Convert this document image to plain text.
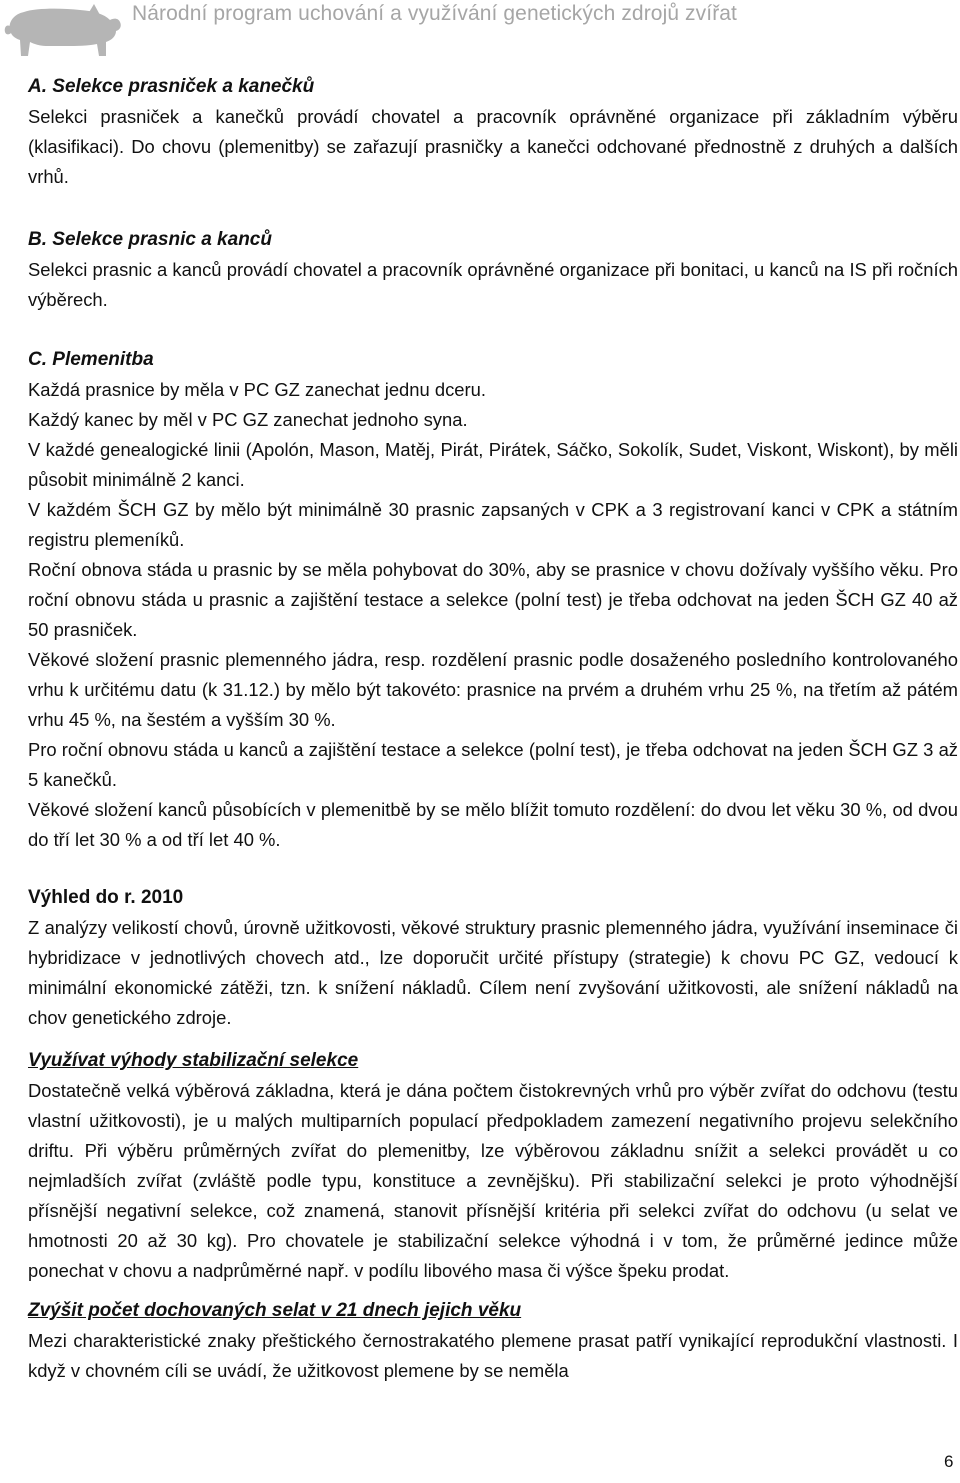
Národní program uchování a využívání genetických zdrojů zvířat

A. Selekce prasniček a kanečků

Selekci prasniček a kanečků provádí chovatel a pracovník oprávněné organizace při základním výběru (klasifikaci). Do chovu (plemenitby) se zařazují prasničky a kanečci odchované přednostně z druhých a dalších vrhů.

B. Selekce prasnic a kanců

Selekci prasnic a kanců provádí chovatel a pracovník oprávněné organizace při bonitaci, u kanců na IS při ročních výběrech.

C. Plemenitba

Každá prasnice by měla v PC GZ zanechat jednu dceru.

Každý kanec by měl v PC GZ zanechat jednoho syna.

V každé genealogické linii (Apolón, Mason, Matěj, Pirát, Pirátek, Sáčko, Sokolík, Sudet, Viskont, Wiskont), by měli působit minimálně 2 kanci.

V každém ŠCH GZ by mělo být minimálně 30 prasnic zapsaných v CPK a 3 registrovaní kanci v CPK a státním registru plemeníků.

Roční obnova stáda u prasnic by se měla pohybovat do 30%, aby se prasnice v chovu dožívaly vyššího věku. Pro roční obnovu stáda u prasnic a zajištění testace a selekce (polní test) je třeba odchovat na jeden ŠCH GZ 40 až 50 prasniček.

Věkové složení prasnic plemenného jádra, resp. rozdělení prasnic podle dosaženého posledního kontrolovaného vrhu k určitému datu (k 31.12.) by mělo být takovéto: prasnice na prvém a druhém vrhu 25 %, na třetím až pátém vrhu 45 %, na šestém a vyšším 30 %.

Pro roční obnovu stáda u kanců a zajištění testace a selekce (polní test), je třeba odchovat na jeden ŠCH GZ 3 až 5 kanečků.

Věkové složení kanců působících v plemenitbě by se mělo blížit tomuto rozdělení: do dvou let věku 30 %, od dvou do tří let 30 % a od tří let 40 %.

Výhled do r. 2010

Z analýzy velikostí chovů, úrovně užitkovosti, věkové struktury prasnic plemenného jádra, využívání inseminace či hybridizace v jednotlivých chovech atd., lze doporučit určité přístupy (strategie) k chovu PC GZ, vedoucí k minimální ekonomické zátěži, tzn. k snížení nákladů. Cílem není zvyšování užitkovosti, ale snížení nákladů na chov genetického zdroje.

Využívat výhody stabilizační selekce

Dostatečně velká výběrová základna, která je dána počtem čistokrevných vrhů pro výběr zvířat do odchovu (testu vlastní užitkovosti), je u malých multiparních populací předpokladem zamezení negativního projevu selekčního driftu. Při výběru průměrných zvířat do plemenitby, lze výběrovou základnu snížit a selekci provádět u co nejmladších zvířat (zvláště podle typu, konstituce a zevnějšku). Při stabilizační selekci je proto výhodnější přísnější negativní selekce, což znamená, stanovit přísnější kritéria při selekci zvířat do odchovu (u selat ve hmotnosti 20 až 30 kg). Pro chovatele je stabilizační selekce výhodná i v tom, že průměrné jedince může ponechat v chovu a nadprůměrné např. v podílu libového masa či výšce špeku prodat.

Zvýšit počet dochovaných selat v 21 dnech jejich věku

Mezi charakteristické znaky přeštického černostrakatého plemene prasat patří vynikající reprodukční vlastnosti. I když v chovném cíli se uvádí, že užitkovost plemene by se neměla

6
